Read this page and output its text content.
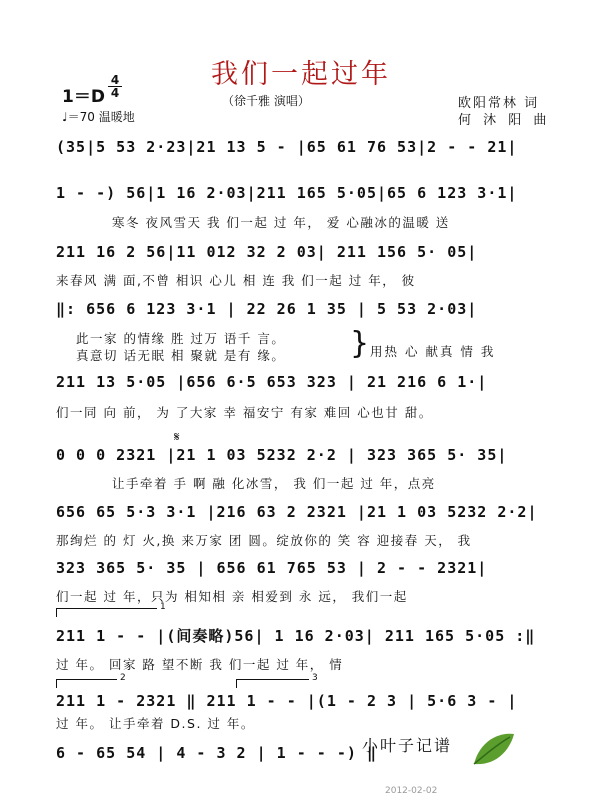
我们一起过年
（徐千雅 演唱）	欧阳常林 词
何 沐 阳 曲
1＝D
4
4
♩＝70 温暖地
(35|5 53 2·23|21 13 5 - |65 61 76 53|2 - - 21|
1 - -) 56|1 16 2·03|211 165 5·05|65 6 123 3·1|
寒冬 夜风雪天 我 们一起 过 年， 爱 心融冰的温暖 送
211 16 2 56|11 012 32 2 03| 211 156 5· 05|
来春风 满 面,不曾 相识 心儿 相 连 我 们一起 过 年， 彼
‖: 656 6 123 3·1 | 22 26 1 35 | 5 53 2·03|
此一家 的情缘 胜 过万 语千 言。
真意切 话无眠 相 聚就 是有 缘。 } 用热 心 献真 情 我
211 13 5·05 |656 6·5 653 323 | 21 216 6 1·|
们一同 向 前， 为 了大家 幸 福安宁 有家 难回 心也甘 甜。
𝄋
0 0 0 2321 |21 1 03 5232 2·2 | 323 365 5· 35|
让手牵着 手 啊 融 化冰雪， 我 们一起 过 年，点亮
656 65 5·3 3·1 |216 63 2 2321 |21 1 03 5232 2·2|
那绚烂 的 灯 火,换 来万家 团 圆。绽放你的 笑 容 迎接春 天， 我
323 365 5· 35 | 656 61 765 53 | 2 - - 2321|
们一起 过 年，只为 相知相 亲 相爱到 永 远， 我们一起
1
211 1 - - |(间奏略)56| 1 16 2·03| 211 165 5·05 :‖
过 年。 回家 路 望不断 我 们一起 过 年， 情
2	3
211 1 - 2321 ‖ 211 1 - - |(1 - 2 3 | 5·6 3 - |
过 年。 让手牵着 D.S. 过 年。
6 - 65 54 | 4 - 3 2 | 1 - - -) ‖
小叶子记谱
2012-02-02
